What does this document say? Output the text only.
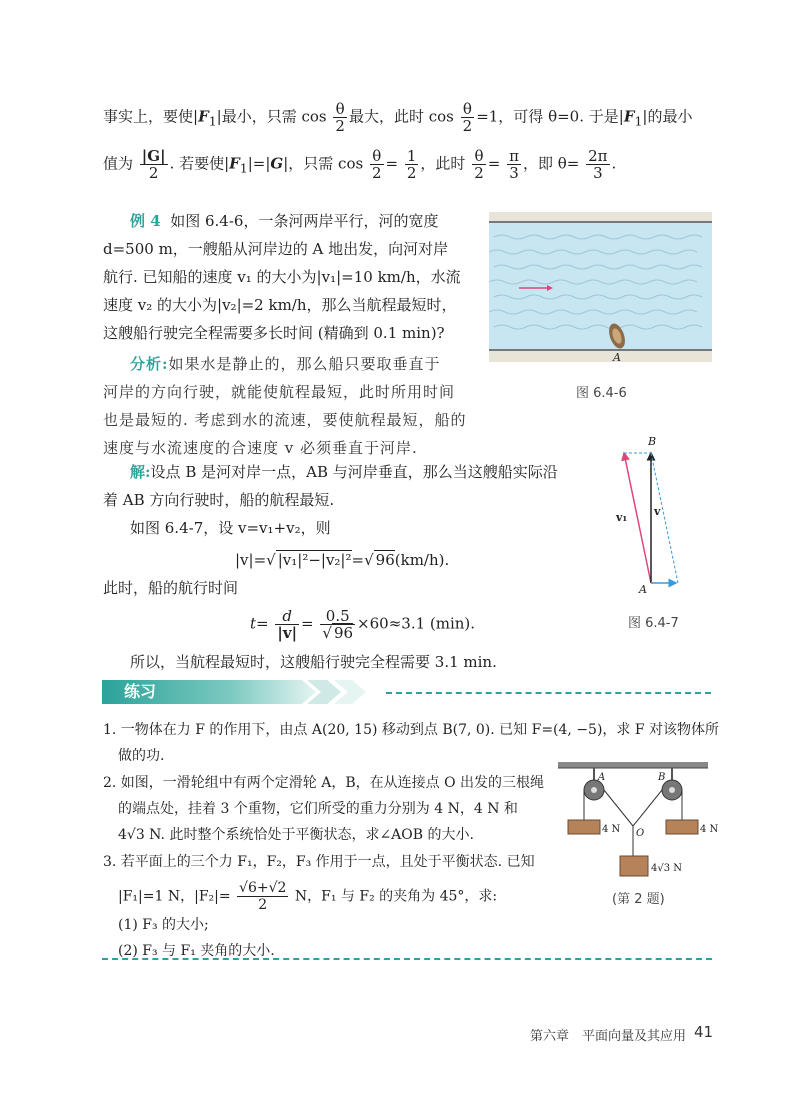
事实上，要使$|F_1|$最小，只需 $\cos \frac{\theta}{2}$ 最大，此时 $\cos \frac{\theta}{2} =1$，可得 θ=0. 于是$|F_1|$的最小
值为 $\frac{|G|}{2}$ . 若要使$|F_1|=|G|$，只需 $\cos \frac{\theta}{2} = \frac{1}{2}$ ，此时 $\frac{\theta}{2} = \frac{\pi}{3}$ ，即 $\theta= \frac{2\pi}{3}$ .
例 4 如图 6.4-6，一条河两岸平行，河的宽度
d=500 m，一艘船从河岸边的 A 地出发，向河对岸
航行. 已知船的速度 v₁ 的大小为|v₁|=10 km/h，水流
速度 v₂ 的大小为|v₂|=2 km/h，那么当航程最短时，
这艘船行驶完全程需要多长时间 (精确到 0.1 min)?
分析:如果水是静止的，那么船只要取垂直于
河岸的方向行驶，就能使航程最短，此时所用时间
也是最短的. 考虑到水的流速，要使航程最短，船的
速度与水流速度的合速度 v 必须垂直于河岸.
A
图 6.4-6
解:设点 B 是河对岸一点，AB 与河岸垂直，那么当这艘船实际沿
着 AB 方向行驶时，船的航程最短.
如图 6.4-7，设 v=v₁+v₂，则
|v|=√ |v₁|²−|v₂|²=√ 96(km/h).
此时，船的航行时间
$t= \frac{d}{|v|} = \frac{0.5}{√ 96} \times 60\approx 3.1$ (min).
所以，当航程最短时，这艘船行驶完全程需要 3.1 min.
B
A
v₁ v
图 6.4-7
练习
1. 一物体在力 F 的作用下，由点 A(20, 15) 移动到点 B(7, 0). 已知 F=(4, −5)，求 F 对该物体所
做的功.
2. 如图，一滑轮组中有两个定滑轮 A，B，在从连接点 O 出发的三根绳
的端点处，挂着 3 个重物，它们所受的重力分别为 4 N，4 N 和
4√3 N. 此时整个系统恰处于平衡状态，求∠AOB 的大小.
3. 若平面上的三个力 F₁，F₂，F₃ 作用于一点，且处于平衡状态. 已知
|F₁|=1 N，$|F_2|= \frac{√6+√2}{2}$ N，F₁ 与 F₂ 的夹角为 45°，求:
(1) F₃ 的大小;
(2) F₃ 与 F₁ 夹角的大小.
A	B
O
4 N	4 N
4√3 N
(第 2 题)
第六章　平面向量及其应用 41
